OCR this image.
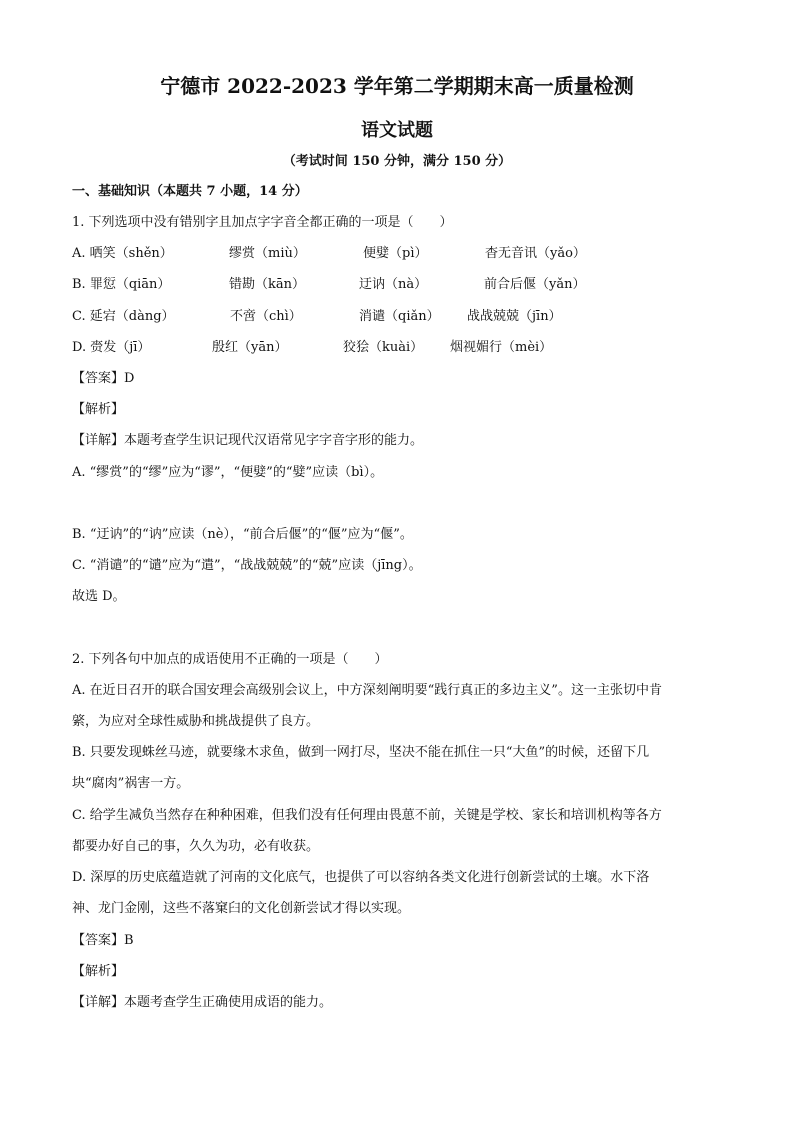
宁德市 2022-2023 学年第二学期期末高一质量检测
语文试题
（考试时间 150 分钟，满分 150 分）
一、基础知识（本题共 7 小题，14 分）
1. 下列选项中没有错别字且加点字字音全都正确的一项是（　　）
A. 哂笑（shěn）	缪赏（miù）	便嬖（pì）	杳无音讯（yǎo）
B. 罪愆（qiān）	错勘（kān）	迂讷（nà）	前合后偃（yǎn）
C. 延宕（dàng）	不啻（chì）	消谴（qiǎn） 战战兢兢（jīn）
D. 赍发（jī）	殷红（yān）	狡狯（kuài） 烟视媚行（mèi）
【答案】D
【解析】
【详解】本题考查学生识记现代汉语常见字字音字形的能力。
A. “缪赏”的“缪”应为“谬”，“便嬖”的“嬖”应读（bì）。
B. “迂讷”的“讷”应读（nè），“前合后偃”的“偃”应为“偃”。
C. “消谴”的“谴”应为“遣”，“战战兢兢”的“兢”应读（jīng）。
故选 D。
2. 下列各句中加点的成语使用不正确的一项是（　　）
A. 在近日召开的联合国安理会高级别会议上，中方深刻阐明要“践行真正的多边主义”。这一主张切中肯
綮，为应对全球性威胁和挑战提供了良方。
B. 只要发现蛛丝马迹，就要缘木求鱼，做到一网打尽，坚决不能在抓住一只“大鱼”的时候，还留下几
块“腐肉”祸害一方。
C. 给学生减负当然存在种种困难，但我们没有任何理由畏葸不前，关键是学校、家长和培训机构等各方
都要办好自己的事，久久为功，必有收获。
D. 深厚的历史底蕴造就了河南的文化底气，也提供了可以容纳各类文化进行创新尝试的土壤。水下洛
神、龙门金刚，这些不落窠臼的文化创新尝试才得以实现。
【答案】B
【解析】
【详解】本题考查学生正确使用成语的能力。
